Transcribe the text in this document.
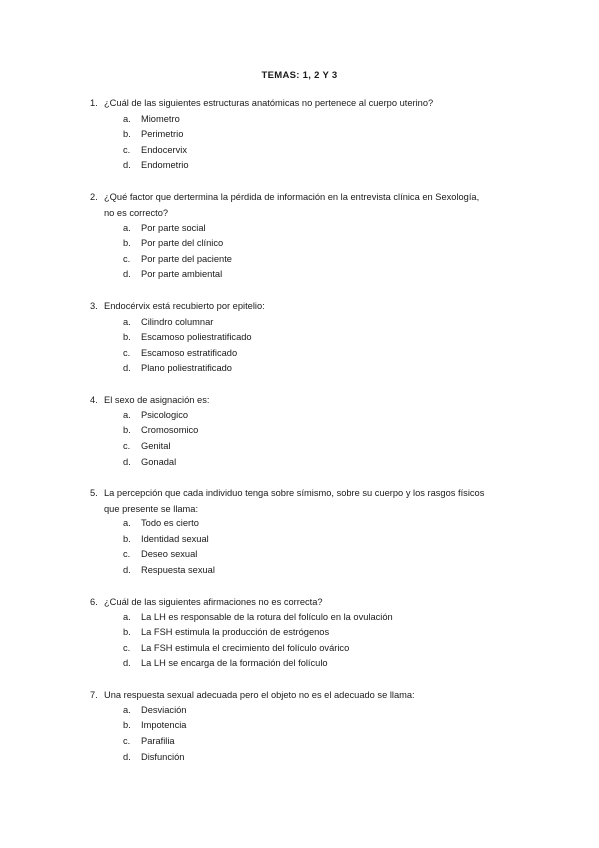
TEMAS: 1, 2 Y 3
1. ¿Cuál de las siguientes estructuras anatómicas no pertenece al cuerpo uterino?
a. Miometro
b. Perimetrio
c. Endocervix
d. Endometrio
2. ¿Qué factor que dertermina la pérdida de información en la entrevista clínica en Sexología,
no es correcto?
a. Por parte social
b. Por parte del clínico
c. Por parte del paciente
d. Por parte ambiental
3. Endocérvix está recubierto por epitelio:
a. Cilindro columnar
b. Escamoso poliestratificado
c. Escamoso estratificado
d. Plano poliestratificado
4. El sexo de asignación es:
a. Psicologico
b. Cromosomico
c. Genital
d. Gonadal
5. La percepción que cada individuo tenga sobre símismo, sobre su cuerpo y los rasgos físicos
que presente se llama:
a. Todo es cierto
b. Identidad sexual
c. Deseo sexual
d. Respuesta sexual
6. ¿Cuál de las siguientes afirmaciones no es correcta?
a. La LH es responsable de la rotura del folículo en la ovulación
b. La FSH estimula la producción de estrógenos
c. La FSH estimula el crecimiento del folículo ovárico
d. La LH se encarga de la formación del folículo
7. Una respuesta sexual adecuada pero el objeto no es el adecuado se llama:
a. Desviación
b. Impotencia
c. Parafilia
d. Disfunción
